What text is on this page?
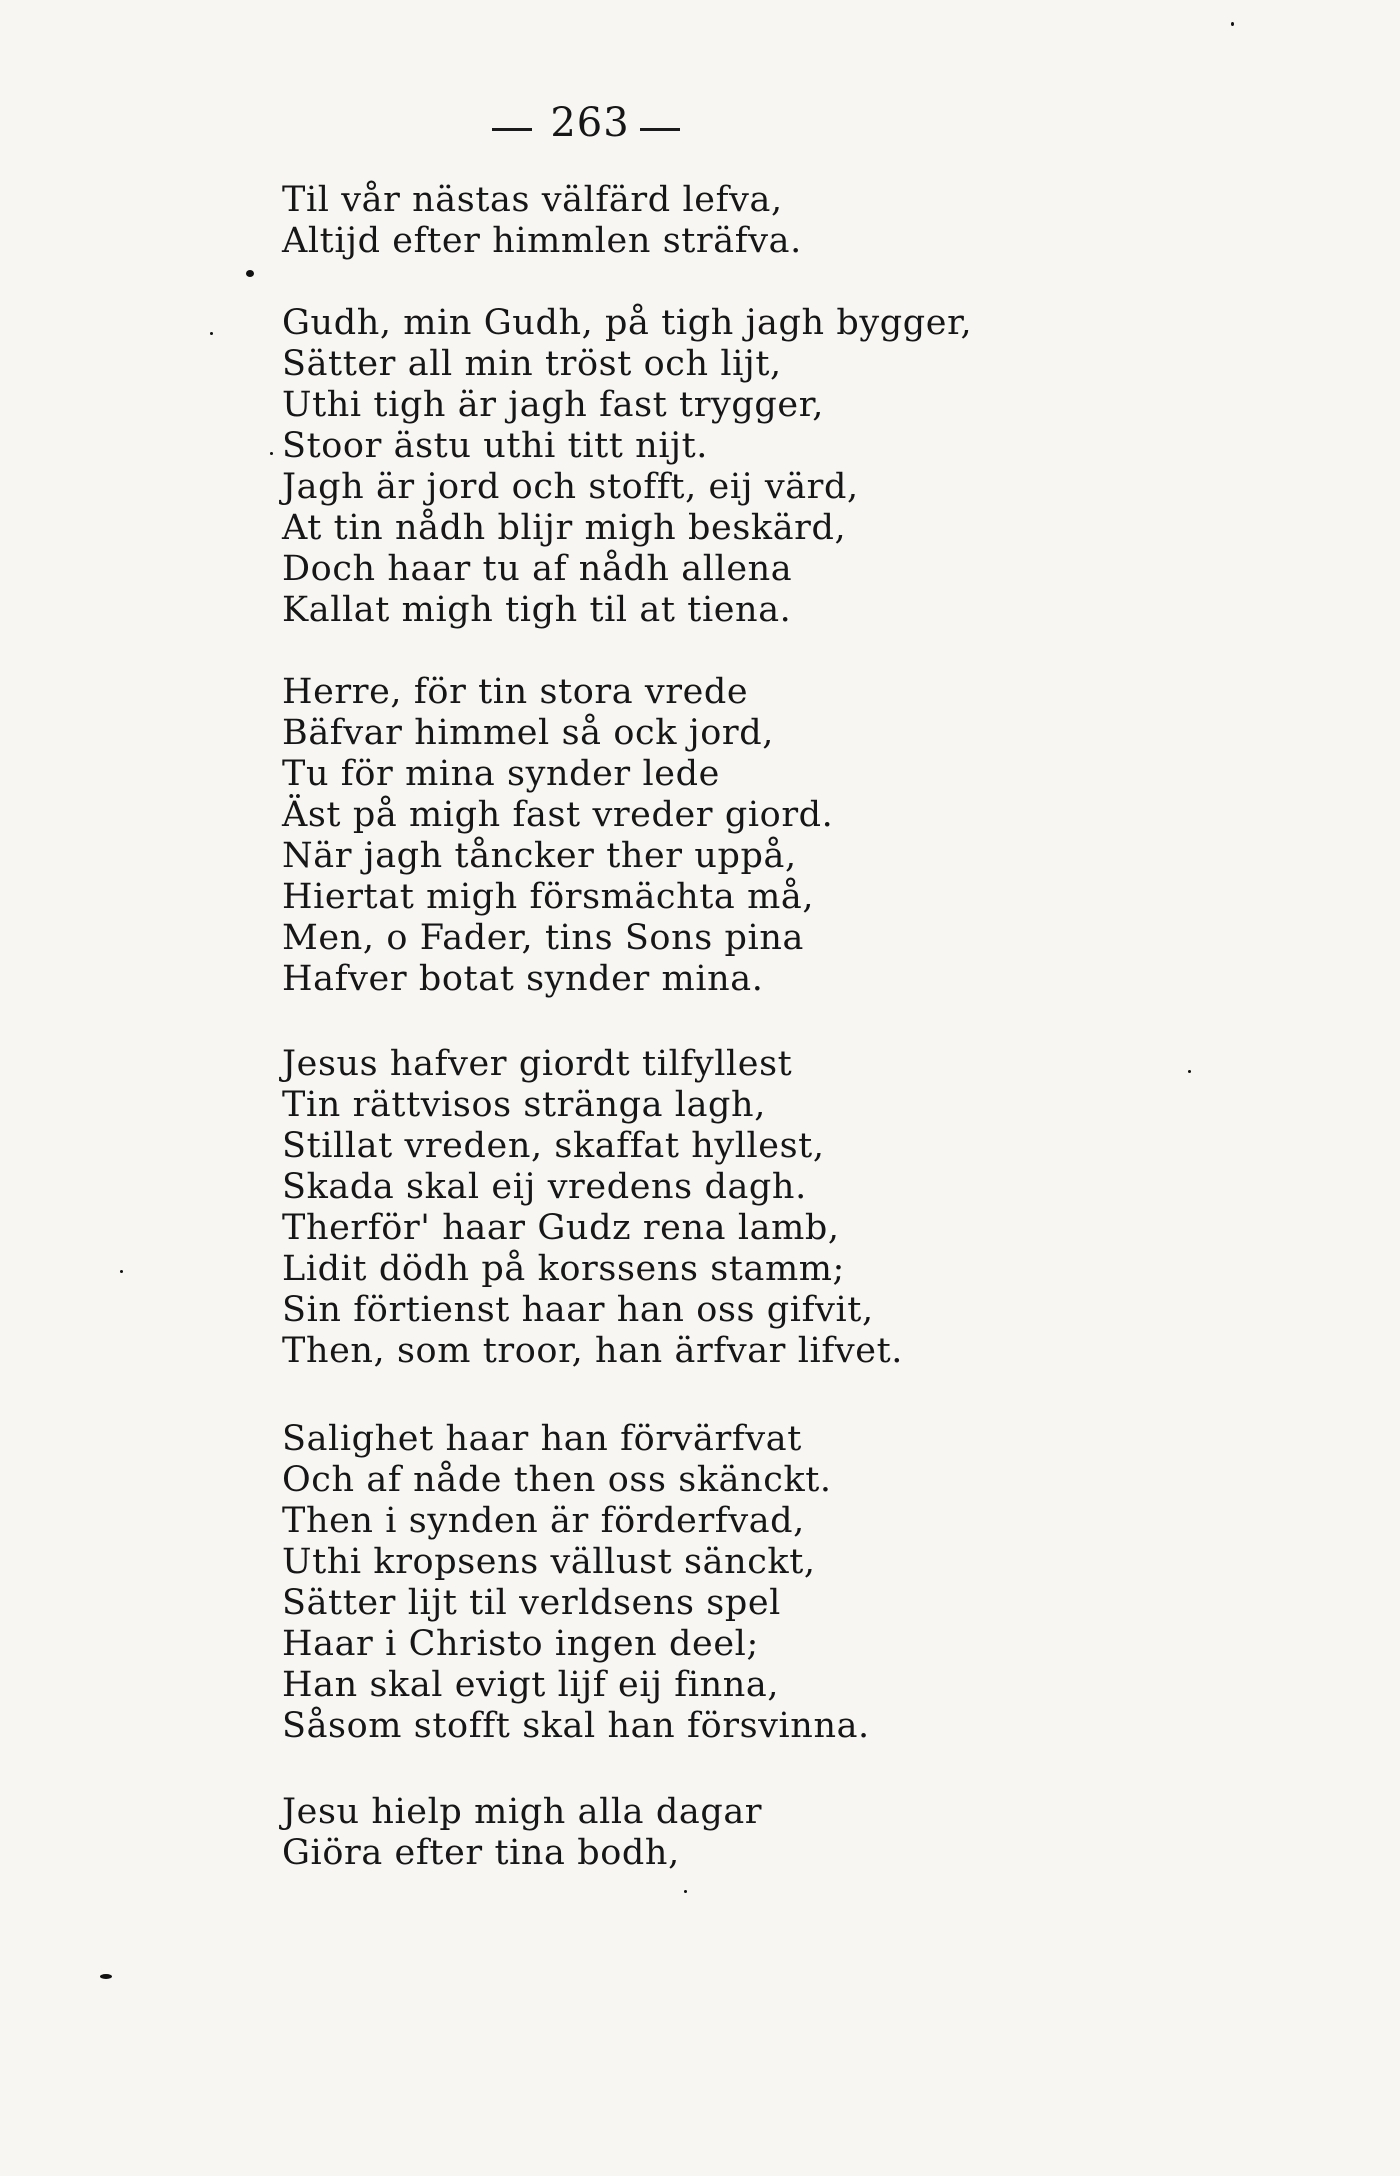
263
Til vår nästas välfärd lefva,
Altijd efter himmlen sträfva.
Gudh, min Gudh, på tigh jagh bygger,
Sätter all min tröst och lijt,
Uthi tigh är jagh fast trygger,
Stoor ästu uthi titt nijt.
Jagh är jord och stofft, eij värd,
At tin nådh blijr migh beskärd,
Doch haar tu af nådh allena
Kallat migh tigh til at tiena.
Herre, för tin stora vrede
Bäfvar himmel så ock jord,
Tu för mina synder lede
Äst på migh fast vreder giord.
När jagh tåncker ther uppå,
Hiertat migh försmächta må,
Men, o Fader, tins Sons pina
Hafver botat synder mina.
Jesus hafver giordt tilfyllest
Tin rättvisos stränga lagh,
Stillat vreden, skaffat hyllest,
Skada skal eij vredens dagh.
Therför' haar Gudz rena lamb,
Lidit dödh på korssens stamm;
Sin förtienst haar han oss gifvit,
Then, som troor, han ärfvar lifvet.
Salighet haar han förvärfvat
Och af nåde then oss skänckt.
Then i synden är förderfvad,
Uthi kropsens vällust sänckt,
Sätter lijt til verldsens spel
Haar i Christo ingen deel;
Han skal evigt lijf eij finna,
Såsom stofft skal han försvinna.
Jesu hielp migh alla dagar
Giöra efter tina bodh,
